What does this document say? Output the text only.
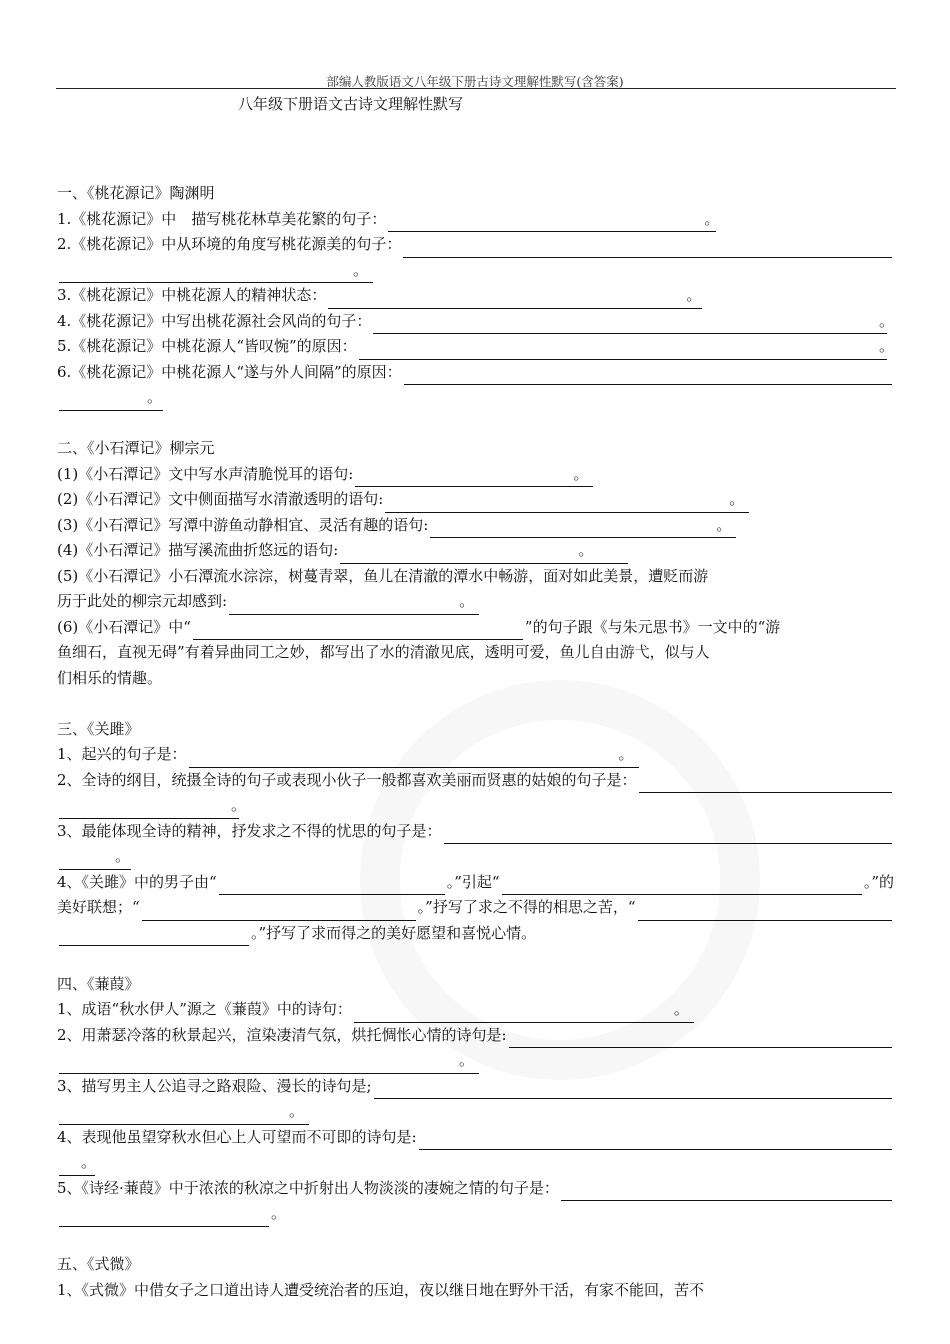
部编人教版语文八年级下册古诗文理解性默写(含答案)
八年级下册语文古诗文理解性默写
一、《桃花源记》陶渊明
1.《桃花源记》中　描写桃花林草美花繁的句子：	。
2.《桃花源记》中从环境的角度写桃花源美的句子：
。
3.《桃花源记》中桃花源人的精神状态：	。
4.《桃花源记》中写出桃花源社会风尚的句子：	。
5.《桃花源记》中桃花源人“皆叹惋”的原因：	。
6.《桃花源记》中桃花源人“遂与外人间隔”的原因：
。
二、《小石潭记》柳宗元
(1)《小石潭记》文中写水声清脆悦耳的语句:	。
(2)《小石潭记》文中侧面描写水清澈透明的语句:	。
(3)《小石潭记》写潭中游鱼动静相宜、灵活有趣的语句:	。
(4)《小石潭记》描写溪流曲折悠远的语句:	。
(5)《小石潭记》小石潭流水淙淙，树蔓青翠，鱼儿在清澈的潭水中畅游，面对如此美景，遭贬而游
历于此处的柳宗元却感到:	。
(6)《小石潭记》中“	”的句子跟《与朱元思书》一文中的“游
鱼细石，直视无碍”有着异曲同工之妙，都写出了水的清澈见底，透明可爱，鱼儿自由游弋，似与人
们相乐的情趣。
三、《关雎》
1、起兴的句子是：	。
2、全诗的纲目，统摄全诗的句子或表现小伙子一般都喜欢美丽而贤惠的姑娘的句子是：
。
3、最能体现全诗的精神，抒发求之不得的忧思的句子是：
。
4、《关雎》中的男子由“	。”引起“	。”的
美好联想；“	。”抒写了求之不得的相思之苦，“
。”抒写了求而得之的美好愿望和喜悦心情。
四、《蒹葭》
1、成语“秋水伊人”源之《蒹葭》中的诗句：	。
2、用萧瑟冷落的秋景起兴，渲染凄清气氛，烘托惆怅心情的诗句是:
。
3、描写男主人公追寻之路艰险、漫长的诗句是;
。
4、表现他虽望穿秋水但心上人可望而不可即的诗句是:
。
5、《诗经·蒹葭》中于浓浓的秋凉之中折射出人物淡淡的凄婉之情的句子是：
。
五、《式微》
1、《式微》中借女子之口道出诗人遭受统治者的压迫，夜以继日地在野外干活，有家不能回，苦不
